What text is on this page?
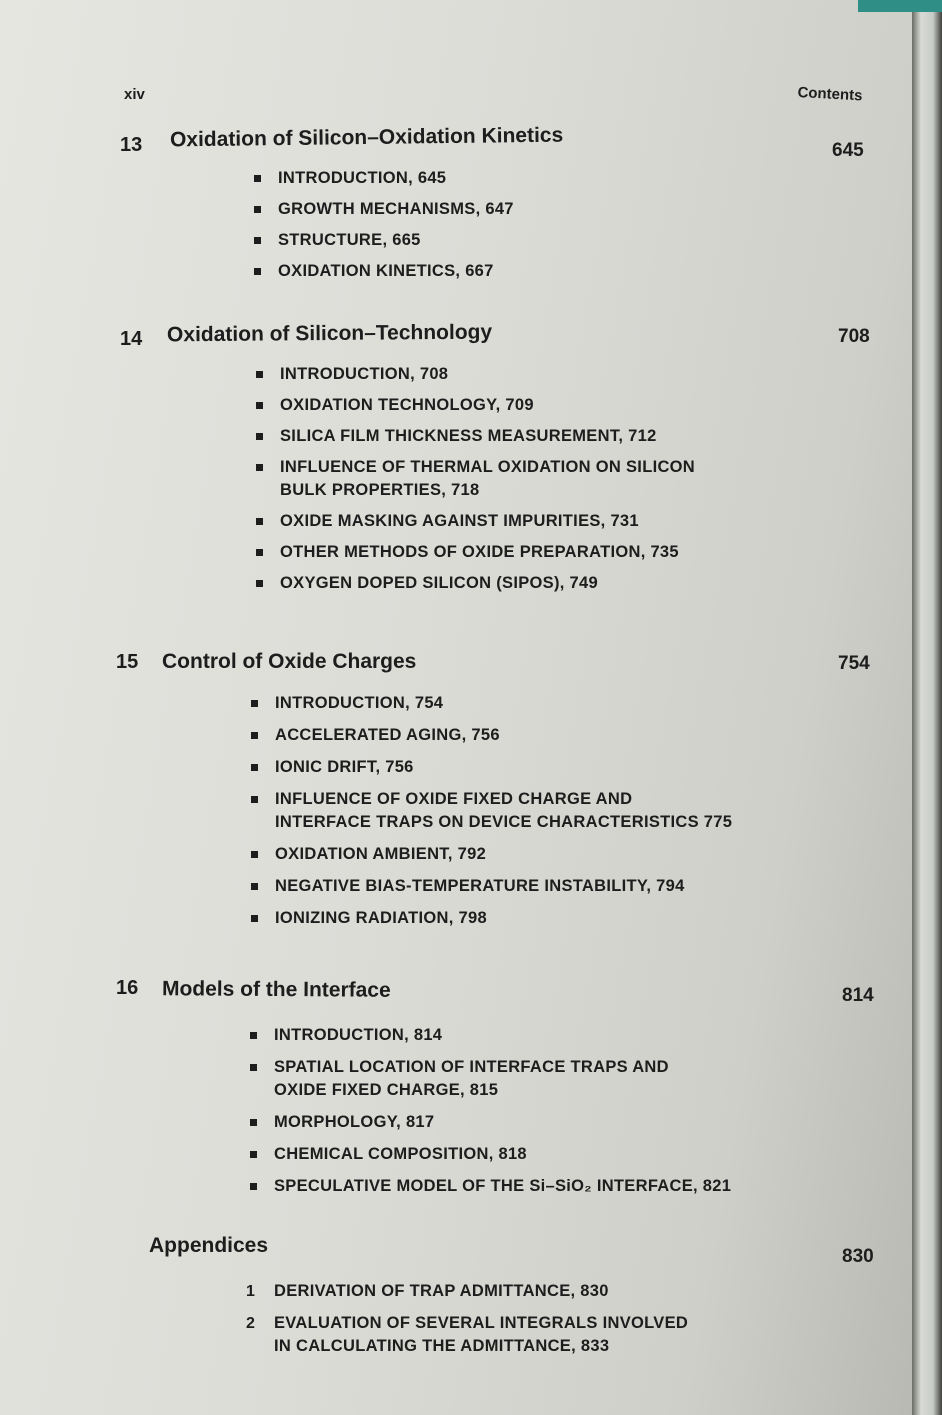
xiv	Contents
13 Oxidation of Silicon–Oxidation Kinetics	645
INTRODUCTION, 645
GROWTH MECHANISMS, 647
STRUCTURE, 665
OXIDATION KINETICS, 667
14 Oxidation of Silicon–Technology	708
INTRODUCTION, 708
OXIDATION TECHNOLOGY, 709
SILICA FILM THICKNESS MEASUREMENT, 712
INFLUENCE OF THERMAL OXIDATION ON SILICON
BULK PROPERTIES, 718
OXIDE MASKING AGAINST IMPURITIES, 731
OTHER METHODS OF OXIDE PREPARATION, 735
OXYGEN DOPED SILICON (SIPOS), 749
15 Control of Oxide Charges	754
INTRODUCTION, 754
ACCELERATED AGING, 756
IONIC DRIFT, 756
INFLUENCE OF OXIDE FIXED CHARGE AND
INTERFACE TRAPS ON DEVICE CHARACTERISTICS 775
OXIDATION AMBIENT, 792
NEGATIVE BIAS-TEMPERATURE INSTABILITY, 794
IONIZING RADIATION, 798
16 Models of the Interface	814
INTRODUCTION, 814
SPATIAL LOCATION OF INTERFACE TRAPS AND
OXIDE FIXED CHARGE, 815
MORPHOLOGY, 817
CHEMICAL COMPOSITION, 818
SPECULATIVE MODEL OF THE Si–SiO₂ INTERFACE, 821
Appendices	830
1 DERIVATION OF TRAP ADMITTANCE, 830
2 EVALUATION OF SEVERAL INTEGRALS INVOLVED
IN CALCULATING THE ADMITTANCE, 833
